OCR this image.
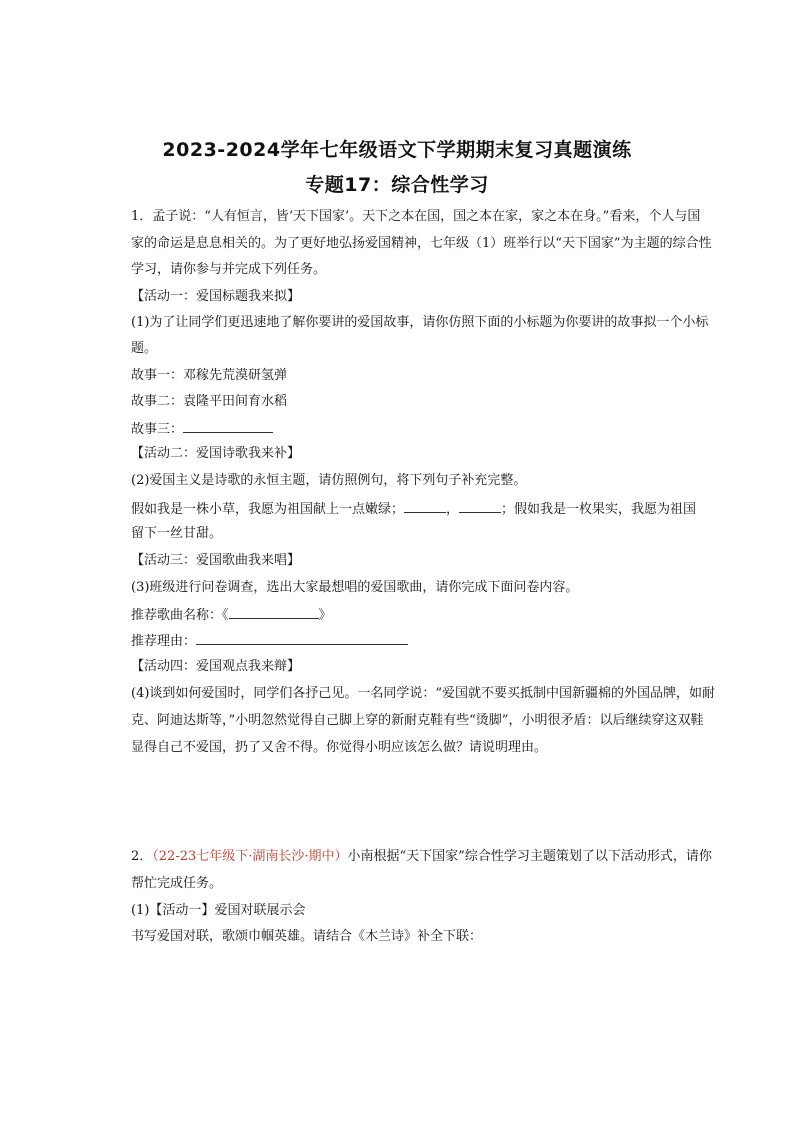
2023-2024学年七年级语文下学期期末复习真题演练
专题17：综合性学习
1．孟子说：“人有恒言，皆‘天下国家’。天下之本在国，国之本在家，家之本在身。”看来，个人与国
家的命运是息息相关的。为了更好地弘扬爱国精神，七年级（1）班举行以“天下国家”为主题的综合性
学习，请你参与并完成下列任务。
【活动一：爱国标题我来拟】
(1)为了让同学们更迅速地了解你要讲的爱国故事，请你仿照下面的小标题为你要讲的故事拟一个小标
题。
故事一：邓稼先荒漠研氢弹
故事二：袁隆平田间育水稻
故事三：
【活动二：爱国诗歌我来补】
(2)爱国主义是诗歌的永恒主题，请仿照例句，将下列句子补充完整。
假如我是一株小草，我愿为祖国献上一点嫩绿；	，	；假如我是一枚果实，我愿为祖国
留下一丝甘甜。
【活动三：爱国歌曲我来唱】
(3)班级进行问卷调查，选出大家最想唱的爱国歌曲，请你完成下面问卷内容。
推荐歌曲名称：《	》
推荐理由：
【活动四：爱国观点我来辩】
(4)谈到如何爱国时，同学们各抒己见。一名同学说：“爱国就不要买抵制中国新疆棉的外国品牌，如耐
克、阿迪达斯等，”小明忽然觉得自己脚上穿的新耐克鞋有些“烫脚”，小明很矛盾：以后继续穿这双鞋
显得自己不爱国，扔了又舍不得。你觉得小明应该怎么做？请说明理由。
2．（22-23七年级下·湖南长沙·期中）小南根据“天下国家”综合性学习主题策划了以下活动形式，请你
帮忙完成任务。
(1)【活动一】爱国对联展示会
书写爱国对联，歌颂巾帼英雄。请结合《木兰诗》补全下联：
